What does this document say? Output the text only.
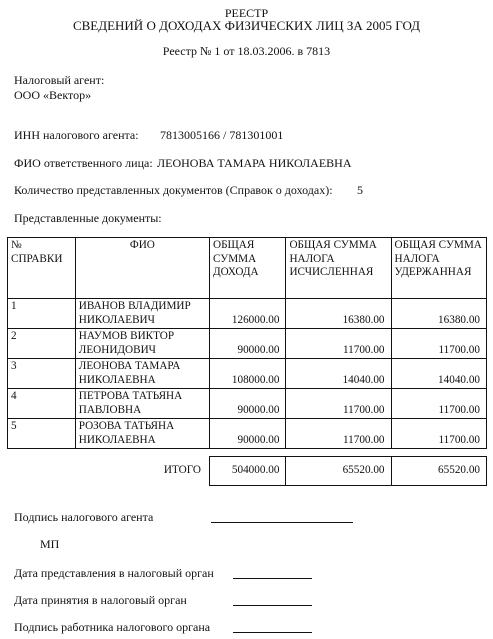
РЕЕСТР
СВЕДЕНИЙ О ДОХОДАХ ФИЗИЧЕСКИХ ЛИЦ ЗА 2005 ГОД
Реестр № 1 от 18.03.2006. в 7813
Налоговый агент:
ООО «Вектор»
ИНН налогового агента: 7813005166 / 781301001
ФИО ответственного лица: ЛЕОНОВА ТАМАРА НИКОЛАЕВНА
Количество представленных документов (Справок о доходах): 5
Представленные документы:
№ СПРАВКИ	ФИО	ОБЩАЯ СУММА ДОХОДА	ОБЩАЯ СУММА НАЛОГА ИСЧИСЛЕННАЯ	ОБЩАЯ СУММА НАЛОГА УДЕРЖАННАЯ
1	ИВАНОВ ВЛАДИМИР НИКОЛАЕВИЧ	126000.00	16380.00	16380.00
2	НАУМОВ ВИКТОР ЛЕОНИДОВИЧ	90000.00	11700.00	11700.00
3	ЛЕОНОВА ТАМАРА НИКОЛАЕВНА	108000.00	14040.00	14040.00
4	ПЕТРОВА ТАТЬЯНА ПАВЛОВНА	90000.00	11700.00	11700.00
5	РОЗОВА ТАТЬЯНА НИКОЛАЕВНА	90000.00	11700.00	11700.00

	ИТОГО	504000.00	65520.00	65520.00
Подпись налогового агента
МП
Дата представления в налоговый орган
Дата принятия в налоговый орган
Подпись работника налогового органа
